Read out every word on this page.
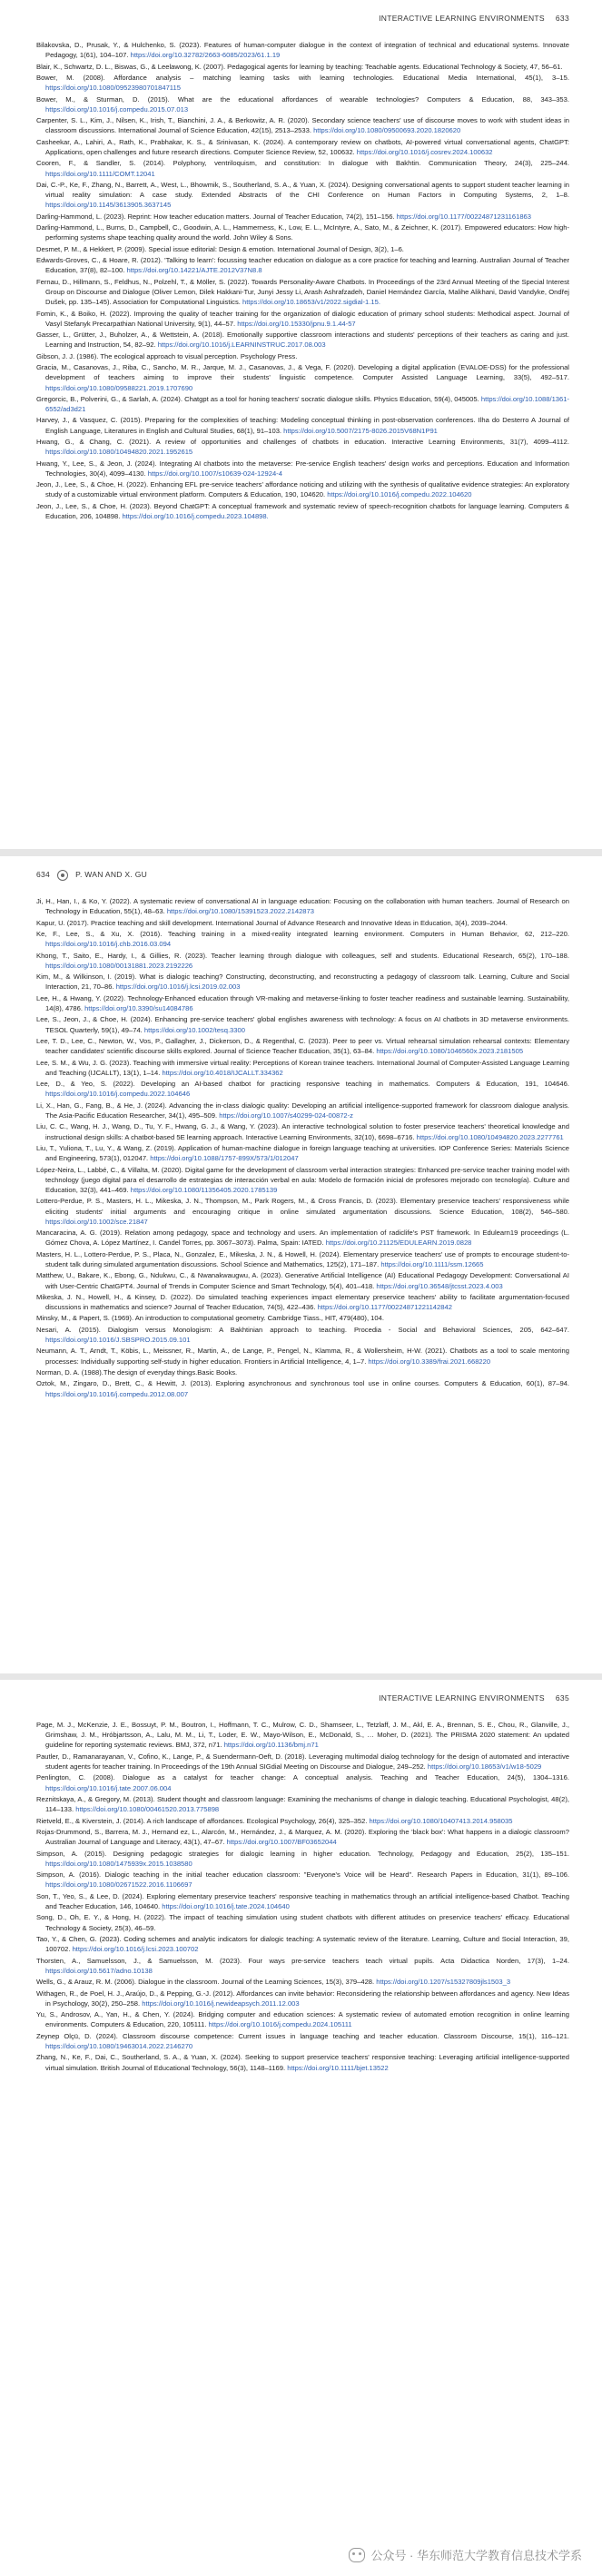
INTERACTIVE LEARNING ENVIRONMENTS 633
Bilakovska, D., Prusak, Y., & Hulchenko, S. (2023). Features of human-computer dialogue in the context of integration of technical and educational systems. Innovate Pedagogy, 1(61), 104–107. https://doi.org/10.32782/2663-6085/2023/61.1.19
Blair, K., Schwartz, D. L., Biswas, G., & Leelawong, K. (2007). Pedagogical agents for learning by teaching: Teachable agents. Educational Technology & Society, 47, 56–61.
Bower, M. (2008). Affordance analysis – matching learning tasks with learning technologies. Educational Media International, 45(1), 3–15. https://doi.org/10.1080/09523980701847115
Bower, M., & Sturman, D. (2015). What are the educational affordances of wearable technologies? Computers & Education, 88, 343–353. https://doi.org/10.1016/j.compedu.2015.07.013
Carpenter, S. L., Kim, J., Nilsen, K., Irish, T., Bianchini, J. A., & Berkowitz, A. R. (2020). Secondary science teachers' use of discourse moves to work with student ideas in classroom discussions. International Journal of Science Education, 42(15), 2513–2533. https://doi.org/10.1080/09500693.2020.1820620
Casheekar, A., Lahiri, A., Rath, K., Prabhakar, K. S., & Srinivasan, K. (2024). A contemporary review on chatbots, AI-powered virtual conversational agents, ChatGPT: Applications, open challenges and future research directions. Computer Science Review, 52, 100632. https://doi.org/10.1016/j.cosrev.2024.100632
Cooren, F., & Sandler, S. (2014). Polyphony, ventriloquism, and constitution: In dialogue with Bakhtin. Communication Theory, 24(3), 225–244. https://doi.org/10.1111/COMT.12041
Dai, C.-P., Ke, F., Zhang, N., Barrett, A., West, L., Bhowmik, S., Southerland, S. A., & Yuan, X. (2024). Designing conversational agents to support student teacher learning in virtual reality simulation: A case study. Extended Abstracts of the CHI Conference on Human Factors in Computing Systems, 2, 1–8. https://doi.org/10.1145/3613905.3637145
Darling-Hammond, L. (2023). Reprint: How teacher education matters. Journal of Teacher Education, 74(2), 151–156. https://doi.org/10.1177/00224871231161863
Darling-Hammond, L., Burns, D., Campbell, C., Goodwin, A. L., Hammerness, K., Low, E. L., McIntyre, A., Sato, M., & Zeichner, K. (2017). Empowered educators: How high-performing systems shape teaching quality around the world. John Wiley & Sons.
Desmet, P. M., & Hekkert, P. (2009). Special issue editorial: Design & emotion. International Journal of Design, 3(2), 1–6.
Edwards-Groves, C., & Hoare, R. (2012). 'Talking to learn': focussing teacher education on dialogue as a core practice for teaching and learning. Australian Journal of Teacher Education, 37(8), 82–100. https://doi.org/10.14221/AJTE.2012V37N8.8
Fernau, D., Hillmann, S., Feldhus, N., Polzehl, T., & Möller, S. (2022). Towards Personality-Aware Chatbots. In Proceedings of the 23rd Annual Meeting of the Special Interest Group on Discourse and Dialogue (Oliver Lemon, Dilek Hakkani-Tur, Junyi Jessy Li, Arash Ashrafzadeh, Daniel Hernández García, Malihe Alikhani, David Vandyke, Ondřej Dušek, pp. 135–145). Association for Computational Linguistics. https://doi.org/10.18653/v1/2022.sigdial-1.15.
Fomin, K., & Boiko, H. (2022). Improving the quality of teacher training for the organization of dialogic education of primary school students: Methodical aspect. Journal of Vasyl Stefanyk Precarpathian National University, 9(1), 44–57. https://doi.org/10.15330/jpnu.9.1.44-57
Gasser, L., Grütter, J., Buholzer, A., & Wettstein, A. (2018). Emotionally supportive classroom interactions and students' perceptions of their teachers as caring and just. Learning and Instruction, 54, 82–92. https://doi.org/10.1016/j.LEARNINSTRUC.2017.08.003
Gibson, J. J. (1986). The ecological approach to visual perception. Psychology Press.
Gracia, M., Casanovas, J., Riba, C., Sancho, M. R., Jarque, M. J., Casanovas, J., & Vega, F. (2020). Developing a digital application (EVALOE-DSS) for the professional development of teachers aiming to improve their students' linguistic competence. Computer Assisted Language Learning, 33(5), 492–517. https://doi.org/10.1080/09588221.2019.1707690
Gregorcic, B., Polverini, G., & Sarlah, A. (2024). Chatgpt as a tool for honing teachers' socratic dialogue skills. Physics Education, 59(4), 045005. https://doi.org/10.1088/1361-6552/ad3d21
Harvey, J., & Vasquez, C. (2015). Preparing for the complexities of teaching: Modeling conceptual thinking in post-observation conferences. Ilha do Desterro A Journal of English Language, Literatures in English and Cultural Studies, 68(1), 91–103. https://doi.org/10.5007/2175-8026.2015V68N1P91
Hwang, G., & Chang, C. (2021). A review of opportunities and challenges of chatbots in education. Interactive Learning Environments, 31(7), 4099–4112. https://doi.org/10.1080/10494820.2021.1952615
Hwang, Y., Lee, S., & Jeon, J. (2024). Integrating AI chatbots into the metaverse: Pre-service English teachers' design works and perceptions. Education and Information Technologies, 30(4), 4099–4130. https://doi.org/10.1007/s10639-024-12924-4
Jeon, J., Lee, S., & Choe, H. (2022). Enhancing EFL pre-service teachers' affordance noticing and utilizing with the synthesis of qualitative evidence strategies: An exploratory study of a customizable virtual environment platform. Computers & Education, 190, 104620. https://doi.org/10.1016/j.compedu.2022.104620
Jeon, J., Lee, S., & Choe, H. (2023). Beyond ChatGPT: A conceptual framework and systematic review of speech-recognition chatbots for language learning. Computers & Education, 206, 104898. https://doi.org/10.1016/j.compedu.2023.104898.
634	P. WAN AND X. GU
Ji, H., Han, I., & Ko, Y. (2022). A systematic review of conversational AI in language education: Focusing on the collaboration with human teachers. Journal of Research on Technology in Education, 55(1), 48–63. https://doi.org/10.1080/15391523.2022.2142873
Kapur, U. (2017). Practice teaching and skill development. International Journal of Advance Research and Innovative Ideas in Education, 3(4), 2039–2044.
Ke, F., Lee, S., & Xu, X. (2016). Teaching training in a mixed-reality integrated learning environment. Computers in Human Behavior, 62, 212–220. https://doi.org/10.1016/j.chb.2016.03.094
Khong, T., Saito, E., Hardy, I., & Gillies, R. (2023). Teacher learning through dialogue with colleagues, self and students. Educational Research, 65(2), 170–188. https://doi.org/10.1080/00131881.2023.2192226
Kim, M., & Wilkinson, I. (2019). What is dialogic teaching? Constructing, deconstructing, and reconstructing a pedagogy of classroom talk. Learning, Culture and Social Interaction, 21, 70–86. https://doi.org/10.1016/j.lcsi.2019.02.003
Lee, H., & Hwang, Y. (2022). Technology-Enhanced education through VR-making and metaverse-linking to foster teacher readiness and sustainable learning. Sustainability, 14(8), 4786. https://doi.org/10.3390/su14084786
Lee, S., Jeon, J., & Choe, H. (2024). Enhancing pre-service teachers' global englishes awareness with technology: A focus on AI chatbots in 3D metaverse environments. TESOL Quarterly, 59(1), 49–74. https://doi.org/10.1002/tesq.3300
Lee, T. D., Lee, C., Newton, W., Vos, P., Gallagher, J., Dickerson, D., & Regenthal, C. (2023). Peer to peer vs. Virtual rehearsal simulation rehearsal contexts: Elementary teacher candidates' scientific discourse skills explored. Journal of Science Teacher Education, 35(1), 63–84. https://doi.org/10.1080/1046560x.2023.2181505
Lee, S. M., & Wu, J. G. (2023). Teaching with immersive virtual reality: Perceptions of Korean trainee teachers. International Journal of Computer-Assisted Language Learning and Teaching (IJCALLT), 13(1), 1–14. https://doi.org/10.4018/IJCALLT.334362
Lee, D., & Yeo, S. (2022). Developing an AI-based chatbot for practicing responsive teaching in mathematics. Computers & Education, 191, 104646. https://doi.org/10.1016/j.compedu.2022.104646
Li, X., Han, G., Fang, B., & He, J. (2024). Advancing the in-class dialogic quality: Developing an artificial intelligence-supported framework for classroom dialogue analysis. The Asia-Pacific Education Researcher, 34(1), 495–509. https://doi.org/10.1007/s40299-024-00872-z
Liu, C. C., Wang, H. J., Wang, D., Tu, Y. F., Hwang, G. J., & Wang, Y. (2023). An interactive technological solution to foster preservice teachers' theoretical knowledge and instructional design skills: A chatbot-based 5E learning approach. Interactive Learning Environments, 32(10), 6698–6716. https://doi.org/10.1080/10494820.2023.2277761
Liu, T., Yuliona, T., Lu, Y., & Wang, Z. (2019). Application of human-machine dialogue in foreign language teaching at universities. IOP Conference Series: Materials Science and Engineering, 573(1), 012047. https://doi.org/10.1088/1757-899X/573/1/012047
López-Neira, L., Labbé, C., & Villalta, M. (2020). Digital game for the development of classroom verbal interaction strategies: Enhanced pre-service teacher training model with technology (juego digital para el desarrollo de estrategias de interacción verbal en aula: Modelo de formación inicial de profesores mejorado con tecnología). Culture and Education, 32(3), 441–469. https://doi.org/10.1080/11356405.2020.1785139
Lottero-Perdue, P. S., Masters, H. L., Mikeska, J. N., Thompson, M., Park Rogers, M., & Cross Francis, D. (2023). Elementary preservice teachers' responsiveness while eliciting students' initial arguments and encouraging critique in online simulated argumentation discussions. Science Education, 108(2), 546–580. https://doi.org/10.1002/sce.21847
Mancaracina, A. G. (2019). Relation among pedagogy, space and technology and users. An implementation of radiclife's PST framework. In Edulearn19 proceedings (L. Gómez Chova, A. López Martínez, I. Candel Torres, pp. 3067–3073). Palma, Spain: IATED. https://doi.org/10.21125/EDULEARN.2019.0828
Masters, H. L., Lottero-Perdue, P. S., Placa, N., Gonzalez, E., Mikeska, J. N., & Howell, H. (2024). Elementary preservice teachers' use of prompts to encourage student-to-student talk during simulated argumentation discussions. School Science and Mathematics, 125(2), 171–187. https://doi.org/10.1111/ssm.12665
Matthew, U., Bakare, K., Ebong, G., Ndukwu, C., & Nwanakwaugwu, A. (2023). Generative Artificial Intelligence (AI) Educational Pedagogy Development: Conversational AI with User-Centric ChatGPT4. Journal of Trends in Computer Science and Smart Technology, 5(4), 401–418. https://doi.org/10.36548/jtcsst.2023.4.003
Mikeska, J. N., Howell, H., & Kinsey, D. (2022). Do simulated teaching experiences impact elementary preservice teachers' ability to facilitate argumentation-focused discussions in mathematics and science? Journal of Teacher Education, 74(5), 422–436. https://doi.org/10.1177/00224871221142842
Minsky, M., & Papert, S. (1969). An introduction to computational geometry. Cambridge Tiass., HIT, 479(480), 104.
Nesari, A. (2015). Dialogism versus Monologism: A Bakhtinian approach to teaching. Procedia - Social and Behavioral Sciences, 205, 642–647. https://doi.org/10.1016/J.SBSPRO.2015.09.101
Neumann, A. T., Arndt, T., Köbis, L., Meissner, R., Martin, A., de Lange, P., Pengel, N., Klamma, R., & Wollersheim, H-W. (2021). Chatbots as a tool to scale mentoring processes: Individually supporting self-study in higher education. Frontiers in Artificial Intelligence, 4, 1–7. https://doi.org/10.3389/frai.2021.668220
Norman, D. A. (1988).The design of everyday things.Basic Books.
Oztok, M., Zingaro, D., Brett, C., & Hewitt, J. (2013). Exploring asynchronous and synchronous tool use in online courses. Computers & Education, 60(1), 87–94. https://doi.org/10.1016/j.compedu.2012.08.007
INTERACTIVE LEARNING ENVIRONMENTS 635
Page, M. J., McKenzie, J. E., Bossuyt, P. M., Boutron, I., Hoffmann, T. C., Mulrow, C. D., Shamseer, L., Tetzlaff, J. M., Akl, E. A., Brennan, S. E., Chou, R., Glanville, J., Grimshaw, J. M., Hróbjartsson, A., Lalu, M. M., Li, T., Loder, E. W., Mayo-Wilson, E., McDonald, S., … Moher, D. (2021). The PRISMA 2020 statement: An updated guideline for reporting systematic reviews. BMJ, 372, n71. https://doi.org/10.1136/bmj.n71
Pautler, D., Ramanarayanan, V., Cofino, K., Lange, P., & Suendermann-Oeft, D. (2018). Leveraging multimodal dialog technology for the design of automated and interactive student agents for teacher training. In Proceedings of the 19th Annual SIGdial Meeting on Discourse and Dialogue, 249–252. https://doi.org/10.18653/v1/w18-5029
Penlington, C. (2008). Dialogue as a catalyst for teacher change: A conceptual analysis. Teaching and Teacher Education, 24(5), 1304–1316. https://doi.org/10.1016/j.tate.2007.06.004
Reznitskaya, A., & Gregory, M. (2013). Student thought and classroom language: Examining the mechanisms of change in dialogic teaching. Educational Psychologist, 48(2), 114–133. https://doi.org/10.1080/00461520.2013.775898
Rietveld, E., & Kiverstein, J. (2014). A rich landscape of affordances. Ecological Psychology, 26(4), 325–352. https://doi.org/10.1080/10407413.2014.958035
Rojas-Drummond, S., Barrera, M. J., Hernand ez, L., Alarcón, M., Hernández, J., & Marquez, A. M. (2020). Exploring the 'black box': What happens in a dialogic classroom? Australian Journal of Language and Literacy, 43(1), 47–67. https://doi.org/10.1007/BF03652044
Simpson, A. (2015). Designing pedagogic strategies for dialogic learning in higher education. Technology, Pedagogy and Education, 25(2), 135–151. https://doi.org/10.1080/1475939x.2015.1038580
Simpson, A. (2016). Dialogic teaching in the initial teacher education classroom: "Everyone's Voice will be Heard". Research Papers in Education, 31(1), 89–106. https://doi.org/10.1080/02671522.2016.1106697
Son, T., Yeo, S., & Lee, D. (2024). Exploring elementary preservice teachers' responsive teaching in mathematics through an artificial intelligence-based Chatbot. Teaching and Teacher Education, 146, 104640. https://doi.org/10.1016/j.tate.2024.104640
Song, D., Oh, E. Y., & Hong, H. (2022). The impact of teaching simulation using student chatbots with different attitudes on preservice teachers' efficacy. Educational Technology & Society, 25(3), 46–59.
Tao, Y., & Chen, G. (2023). Coding schemes and analytic indicators for dialogic teaching: A systematic review of the literature. Learning, Culture and Social Interaction, 39, 100702. https://doi.org/10.1016/j.lcsi.2023.100702
Thorsten, A., Samuelsson, J., & Samuelsson, M. (2023). Four ways pre-service teachers teach virtual pupils. Acta Didactica Norden, 17(3), 1–24. https://doi.org/10.5617/adno.10138
Wells, G., & Arauz, R. M. (2006). Dialogue in the classroom. Journal of the Learning Sciences, 15(3), 379–428. https://doi.org/10.1207/s15327809jls1503_3
Withagen, R., de Poel, H. J., Araújo, D., & Pepping, G.-J. (2012). Affordances can invite behavior: Reconsidering the relationship between affordances and agency. New Ideas in Psychology, 30(2), 250–258. https://doi.org/10.1016/j.newideapsych.2011.12.003
Yu, S., Androsov, A., Yan, H., & Chen, Y. (2024). Bridging computer and education sciences: A systematic review of automated emotion recognition in online learning environments. Computers & Education, 220, 105111. https://doi.org/10.1016/j.compedu.2024.105111
Zeynep Olçü, D. (2024). Classroom discourse competence: Current issues in language teaching and teacher education. Classroom Discourse, 15(1), 116–121. https://doi.org/10.1080/19463014.2022.2146270
Zhang, N., Ke, F., Dai, C., Southerland, S. A., & Yuan, X. (2024). Seeking to support preservice teachers' responsive teaching: Leveraging artificial intelligence-supported virtual simulation. British Journal of Educational Technology, 56(3), 1148–1169. https://doi.org/10.1111/bjet.13522
公众号 · 华东师范大学教育信息技术学系
